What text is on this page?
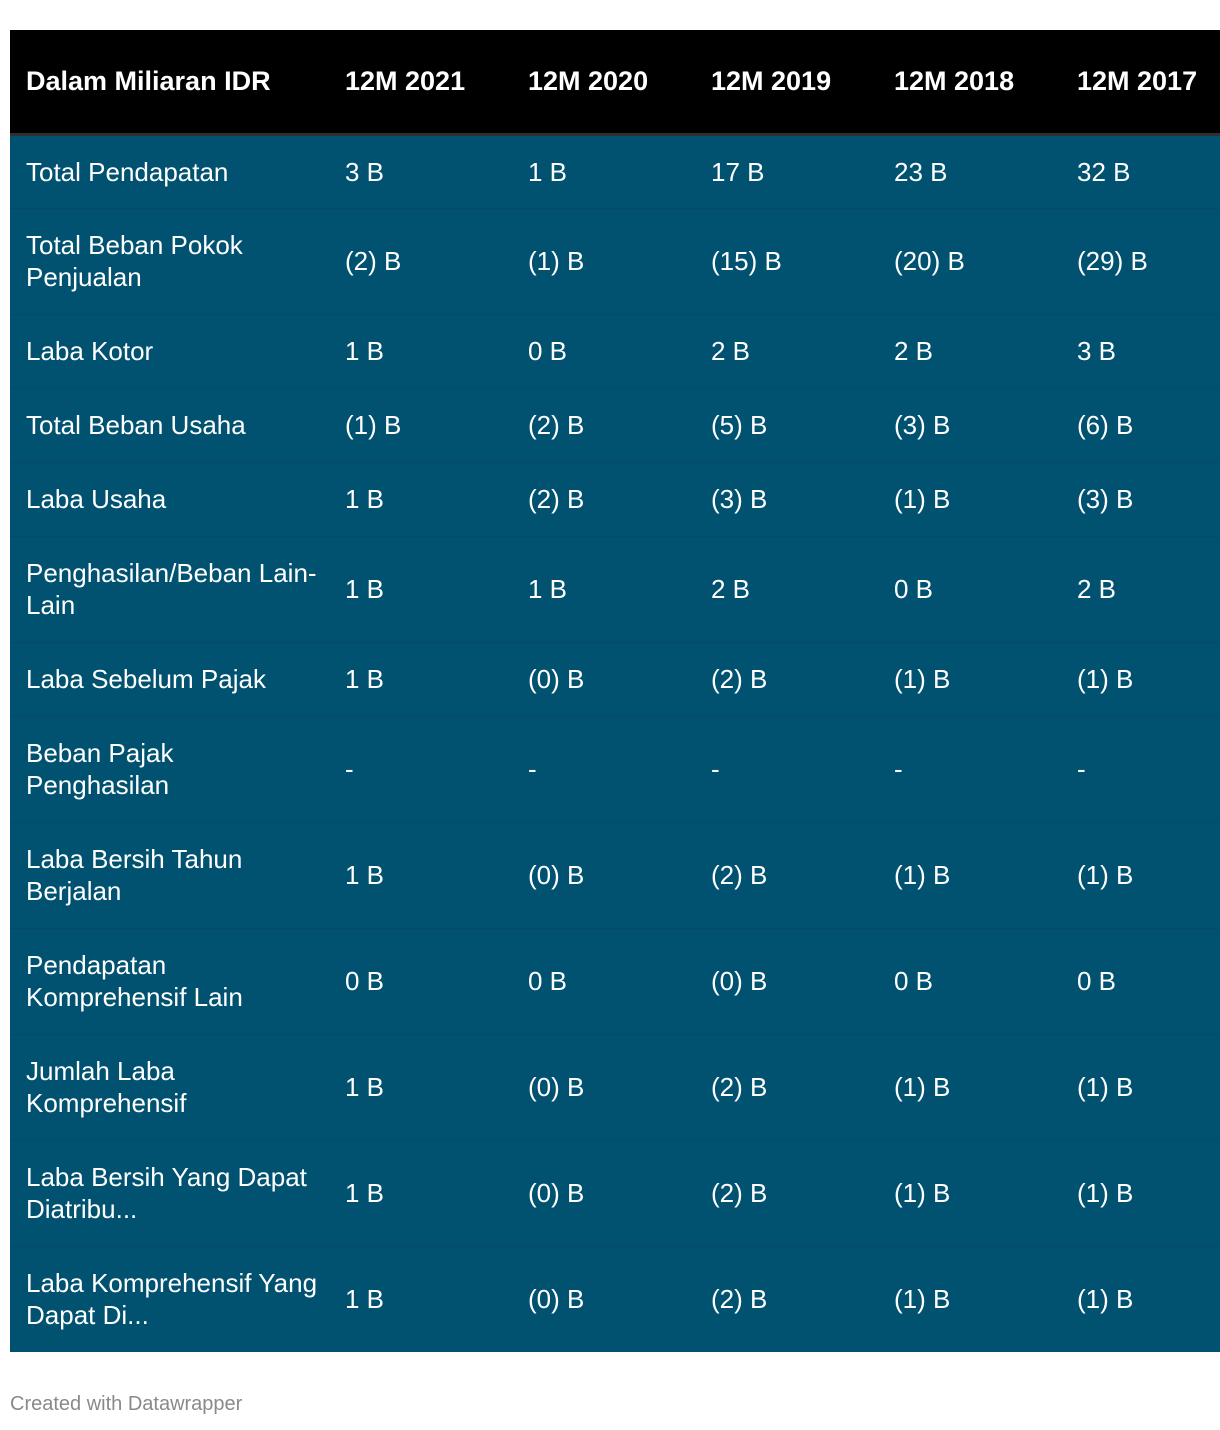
Dalam Miliaran IDR	12M 2021	12M 2020	12M 2019	12M 2018	12M 2017
Total Pendapatan	3 B	1 B	17 B	23 B	32 B
Total Beban Pokok Penjualan	(2) B	(1) B	(15) B	(20) B	(29) B
Laba Kotor	1 B	0 B	2 B	2 B	3 B
Total Beban Usaha	(1) B	(2) B	(5) B	(3) B	(6) B
Laba Usaha	1 B	(2) B	(3) B	(1) B	(3) B
Penghasilan/Beban Lain-Lain	1 B	1 B	2 B	0 B	2 B
Laba Sebelum Pajak	1 B	(0) B	(2) B	(1) B	(1) B
Beban Pajak Penghasilan	-	-	-	-	-
Laba Bersih Tahun Berjalan	1 B	(0) B	(2) B	(1) B	(1) B
Pendapatan Komprehensif Lain	0 B	0 B	(0) B	0 B	0 B
Jumlah Laba Komprehensif	1 B	(0) B	(2) B	(1) B	(1) B
Laba Bersih Yang Dapat Diatribu...	1 B	(0) B	(2) B	(1) B	(1) B
Laba Komprehensif Yang Dapat Di...	1 B	(0) B	(2) B	(1) B	(1) B
Created with Datawrapper
